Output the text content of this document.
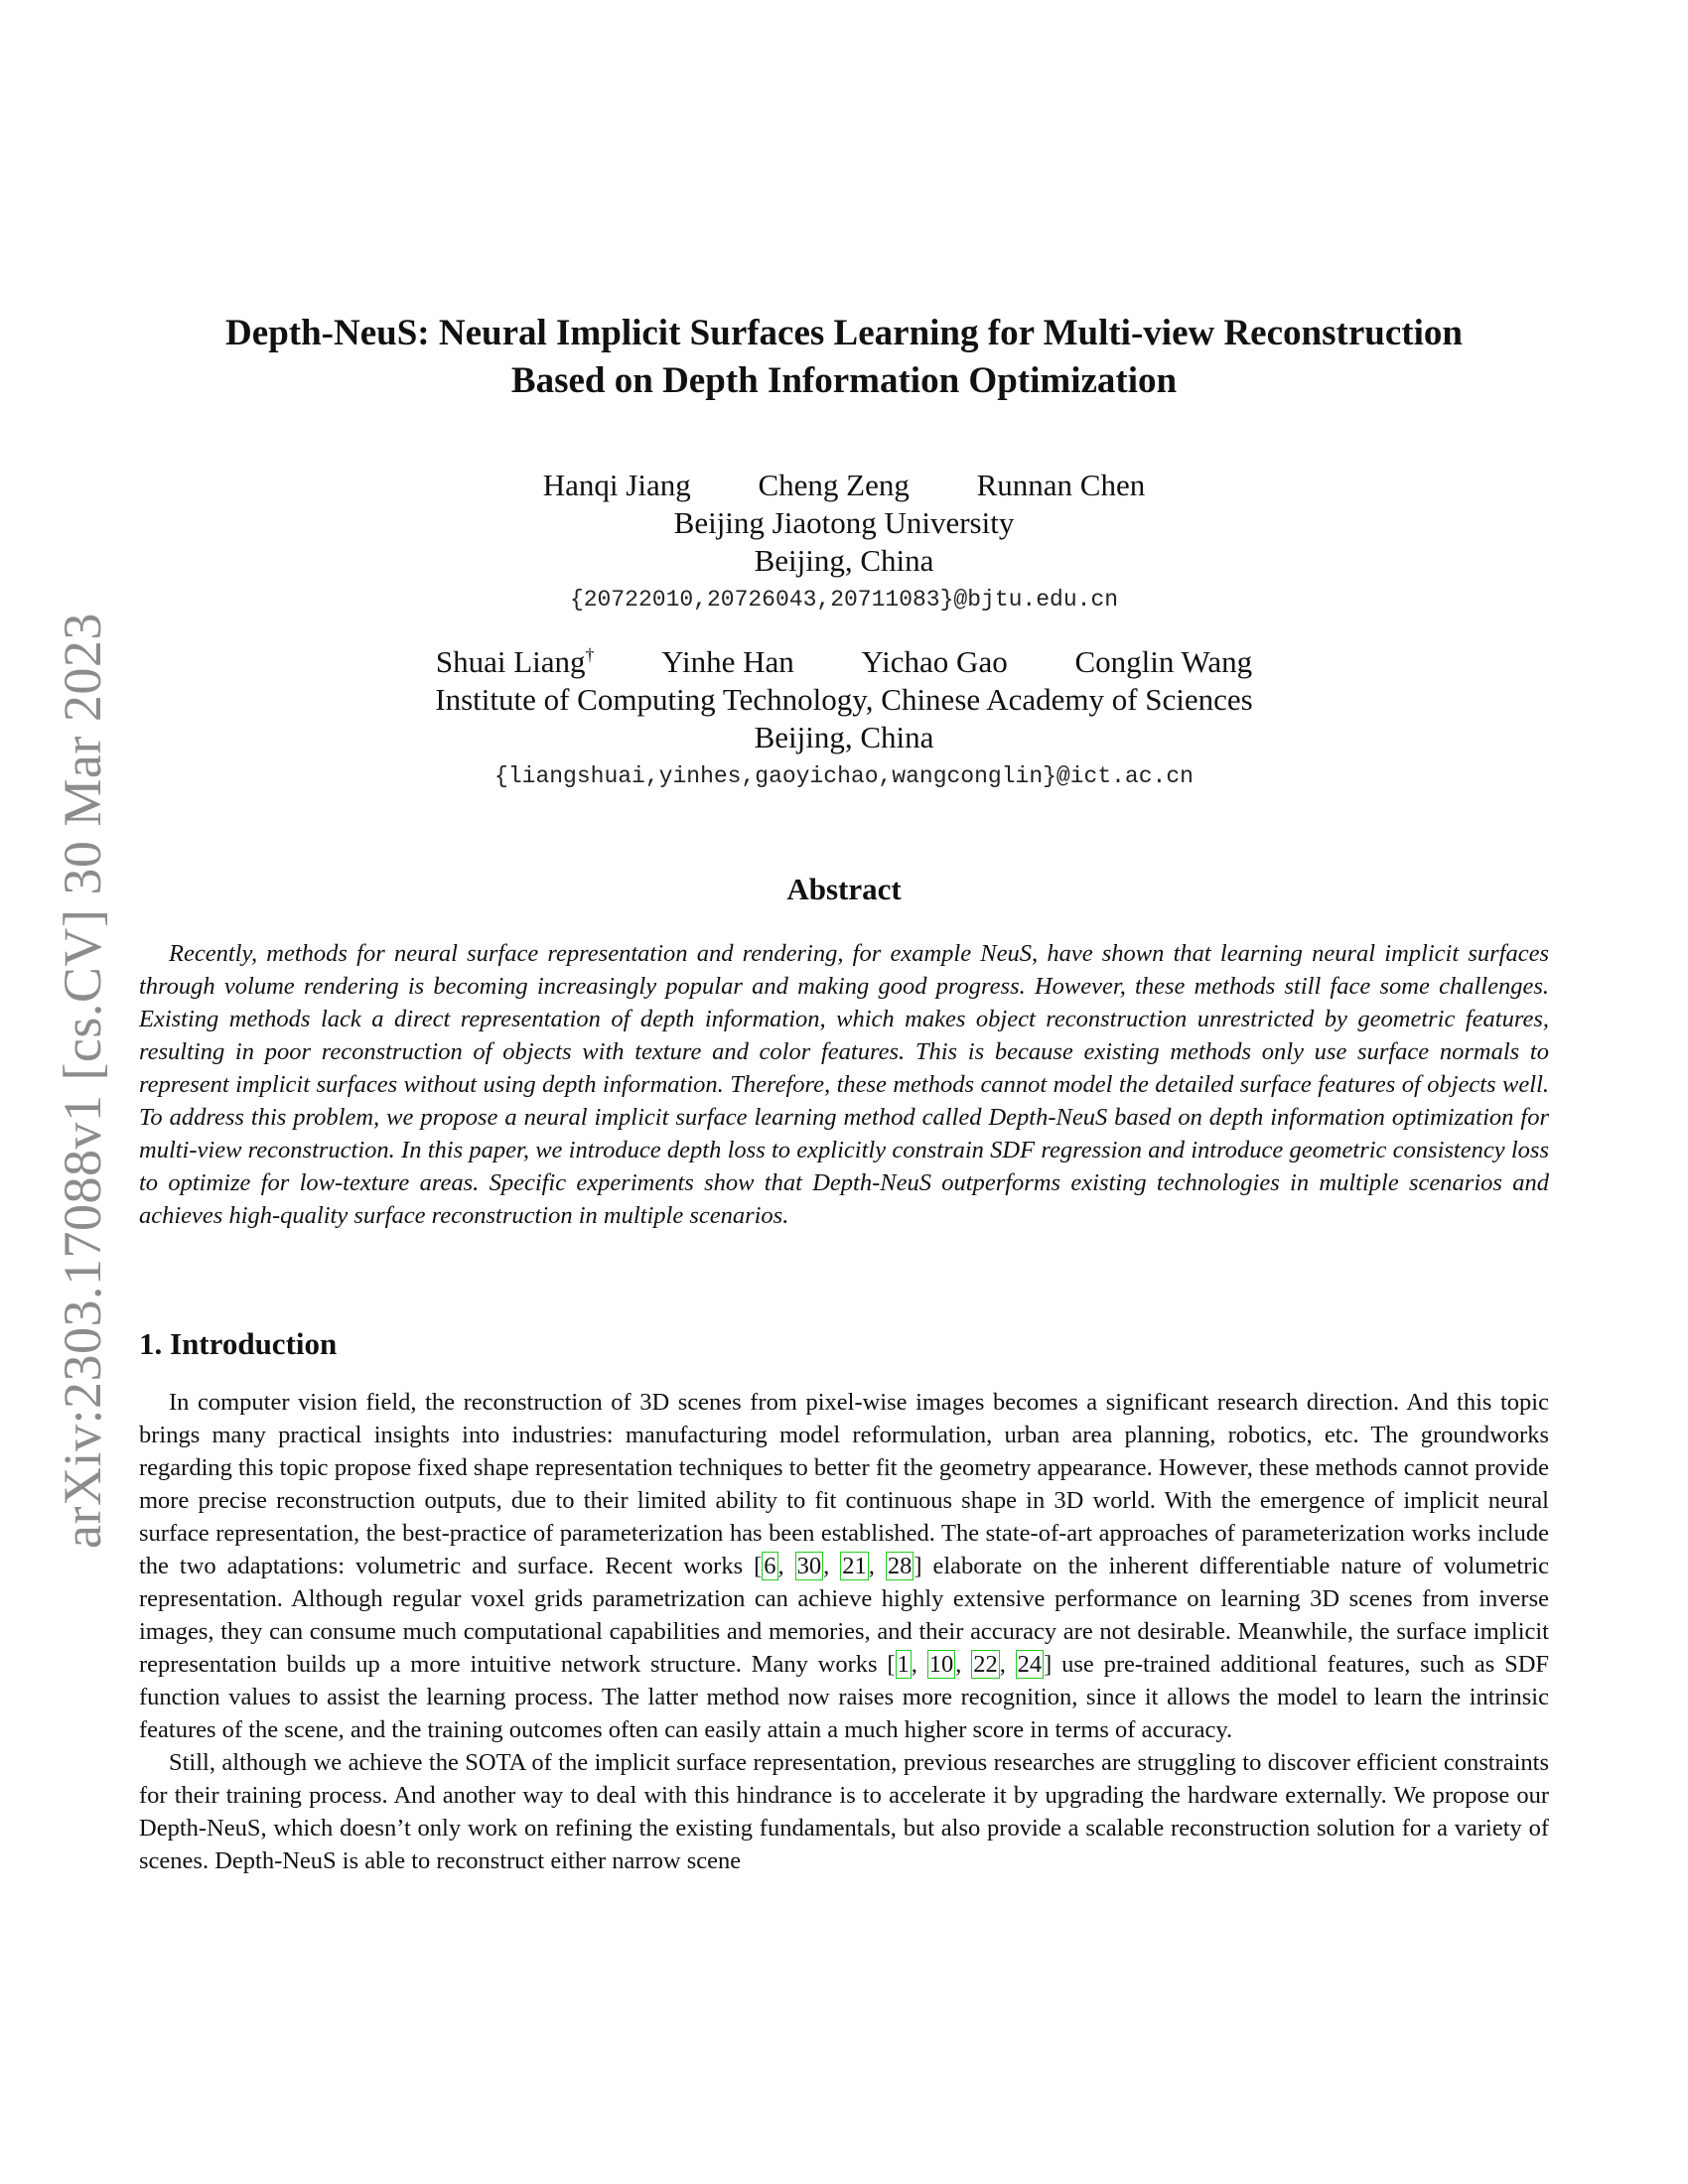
arXiv:2303.17088v1 [cs.CV] 30 Mar 2023
Depth-NeuS: Neural Implicit Surfaces Learning for Multi-view Reconstruction
Based on Depth Information Optimization
Hanqi Jiang Cheng Zeng Runnan Chen
Beijing Jiaotong University
Beijing, China
{20722010,20726043,20711083}@bjtu.edu.cn
Shuai Liang† Yinhe Han Yichao Gao Conglin Wang
Institute of Computing Technology, Chinese Academy of Sciences
Beijing, China
{liangshuai,yinhes,gaoyichao,wangconglin}@ict.ac.cn
Abstract

Recently, methods for neural surface representation and rendering, for example NeuS, have shown that learning neural implicit surfaces through volume rendering is becoming increasingly popular and making good progress. However, these methods still face some challenges. Existing methods lack a direct representation of depth information, which makes object reconstruction unrestricted by geometric features, resulting in poor reconstruction of objects with texture and color features. This is because existing methods only use surface normals to represent implicit surfaces without using depth information. Therefore, these methods cannot model the detailed surface features of objects well. To address this problem, we propose a neural implicit surface learning method called Depth-NeuS based on depth information optimization for multi-view reconstruction. In this paper, we introduce depth loss to explicitly constrain SDF regression and introduce geometric consistency loss to optimize for low-texture areas. Specific experiments show that Depth-NeuS outperforms existing technologies in multiple scenarios and achieves high-quality surface reconstruction in multiple scenarios.

1. Introduction

In computer vision field, the reconstruction of 3D scenes from pixel-wise images becomes a significant research direction. And this topic brings many practical insights into industries: manufacturing model reformulation, urban area planning, robotics, etc. The groundworks regarding this topic propose fixed shape representation techniques to better fit the geometry appearance. However, these methods cannot provide more precise reconstruction outputs, due to their limited ability to fit continuous shape in 3D world. With the emergence of implicit neural surface representation, the best-practice of parameterization has been established. The state-of-art approaches of parameterization works include the two adaptations: volumetric and surface. Recent works [6, 30, 21, 28] elaborate on the inherent differentiable nature of volumetric representation. Although regular voxel grids parametrization can achieve highly extensive performance on learning 3D scenes from inverse images, they can consume much computational capabilities and memories, and their accuracy are not desirable. Meanwhile, the surface implicit representation builds up a more intuitive network structure. Many works [1, 10, 22, 24] use pre-trained additional features, such as SDF function values to assist the learning process. The latter method now raises more recognition, since it allows the model to learn the intrinsic features of the scene, and the training outcomes often can easily attain a much higher score in terms of accuracy.

Still, although we achieve the SOTA of the implicit surface representation, previous researches are struggling to discover efficient constraints for their training process. And another way to deal with this hindrance is to accelerate it by upgrading the hardware externally. We propose our Depth-NeuS, which doesn’t only work on refining the existing fundamentals, but also provide a scalable reconstruction solution for a variety of scenes. Depth-NeuS is able to reconstruct either narrow scene
